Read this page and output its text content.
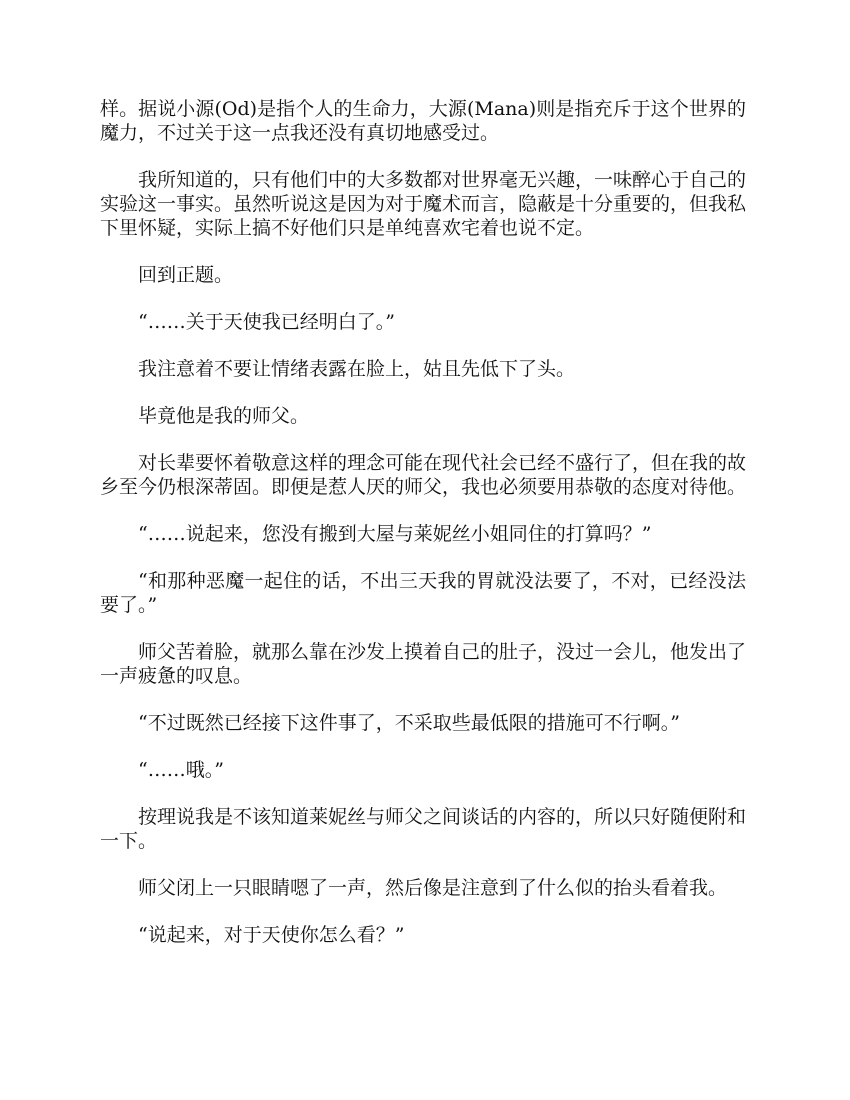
样。据说小源(Od)是指个人的生命力，大源(Mana)则是指充斥于这个世界的魔力，不过关于这一点我还没有真切地感受过。

我所知道的，只有他们中的大多数都对世界毫无兴趣，一味醉心于自己的实验这一事实。虽然听说这是因为对于魔术而言，隐蔽是十分重要的，但我私下里怀疑，实际上搞不好他们只是单纯喜欢宅着也说不定。

回到正题。

“……关于天使我已经明白了。”

我注意着不要让情绪表露在脸上，姑且先低下了头。

毕竟他是我的师父。

对长辈要怀着敬意这样的理念可能在现代社会已经不盛行了，但在我的故乡至今仍根深蒂固。即便是惹人厌的师父，我也必须要用恭敬的态度对待他。

“……说起来，您没有搬到大屋与莱妮丝小姐同住的打算吗？”

“和那种恶魔一起住的话，不出三天我的胃就没法要了，不对，已经没法要了。”

师父苦着脸，就那么靠在沙发上摸着自己的肚子，没过一会儿，他发出了一声疲惫的叹息。

“不过既然已经接下这件事了，不采取些最低限的措施可不行啊。”

“……哦。”

按理说我是不该知道莱妮丝与师父之间谈话的内容的，所以只好随便附和一下。

师父闭上一只眼睛嗯了一声，然后像是注意到了什么似的抬头看着我。

“说起来，对于天使你怎么看？”
